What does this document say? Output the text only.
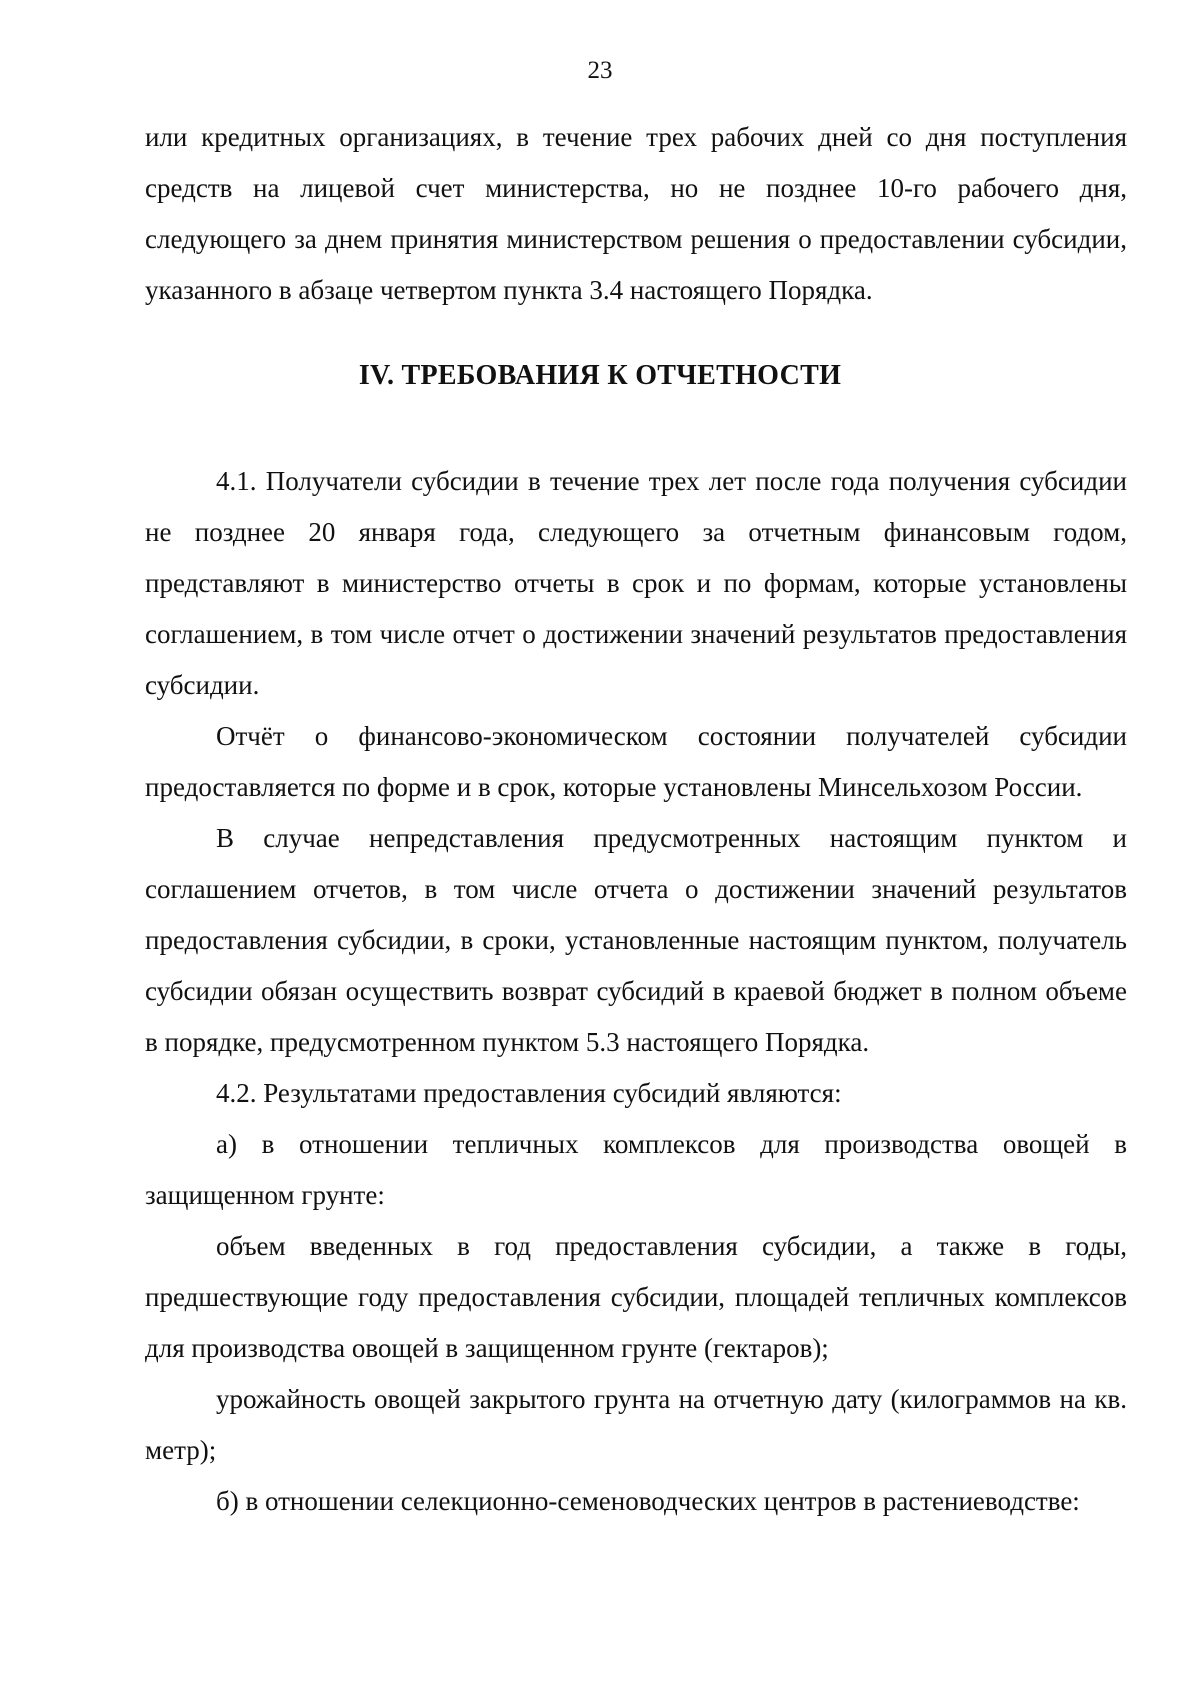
23

или кредитных организациях, в течение трех рабочих дней со дня поступления средств на лицевой счет министерства, но не позднее 10-го рабочего дня, следующего за днем принятия министерством решения о предоставлении субсидии, указанного в абзаце четвертом пункта 3.4 настоящего Порядка.

IV. ТРЕБОВАНИЯ К ОТЧЕТНОСТИ

4.1. Получатели субсидии в течение трех лет после года получения субсидии не позднее 20 января года, следующего за отчетным финансовым годом, представляют в министерство отчеты в срок и по формам, которые установлены соглашением, в том числе отчет о достижении значений результатов предоставления субсидии.

Отчёт о финансово-экономическом состоянии получателей субсидии предоставляется по форме и в срок, которые установлены Минсельхозом России.

В случае непредставления предусмотренных настоящим пунктом и соглашением отчетов, в том числе отчета о достижении значений результатов предоставления субсидии, в сроки, установленные настоящим пунктом, получатель субсидии обязан осуществить возврат субсидий в краевой бюджет в полном объеме в порядке, предусмотренном пунктом 5.3 настоящего Порядка.

4.2. Результатами предоставления субсидий являются:

а) в отношении тепличных комплексов для производства овощей в защищенном грунте:

объем введенных в год предоставления субсидии, а также в годы, предшествующие году предоставления субсидии, площадей тепличных комплексов для производства овощей в защищенном грунте (гектаров);

урожайность овощей закрытого грунта на отчетную дату (килограммов на кв. метр);

б) в отношении селекционно-семеноводческих центров в растениеводстве:
